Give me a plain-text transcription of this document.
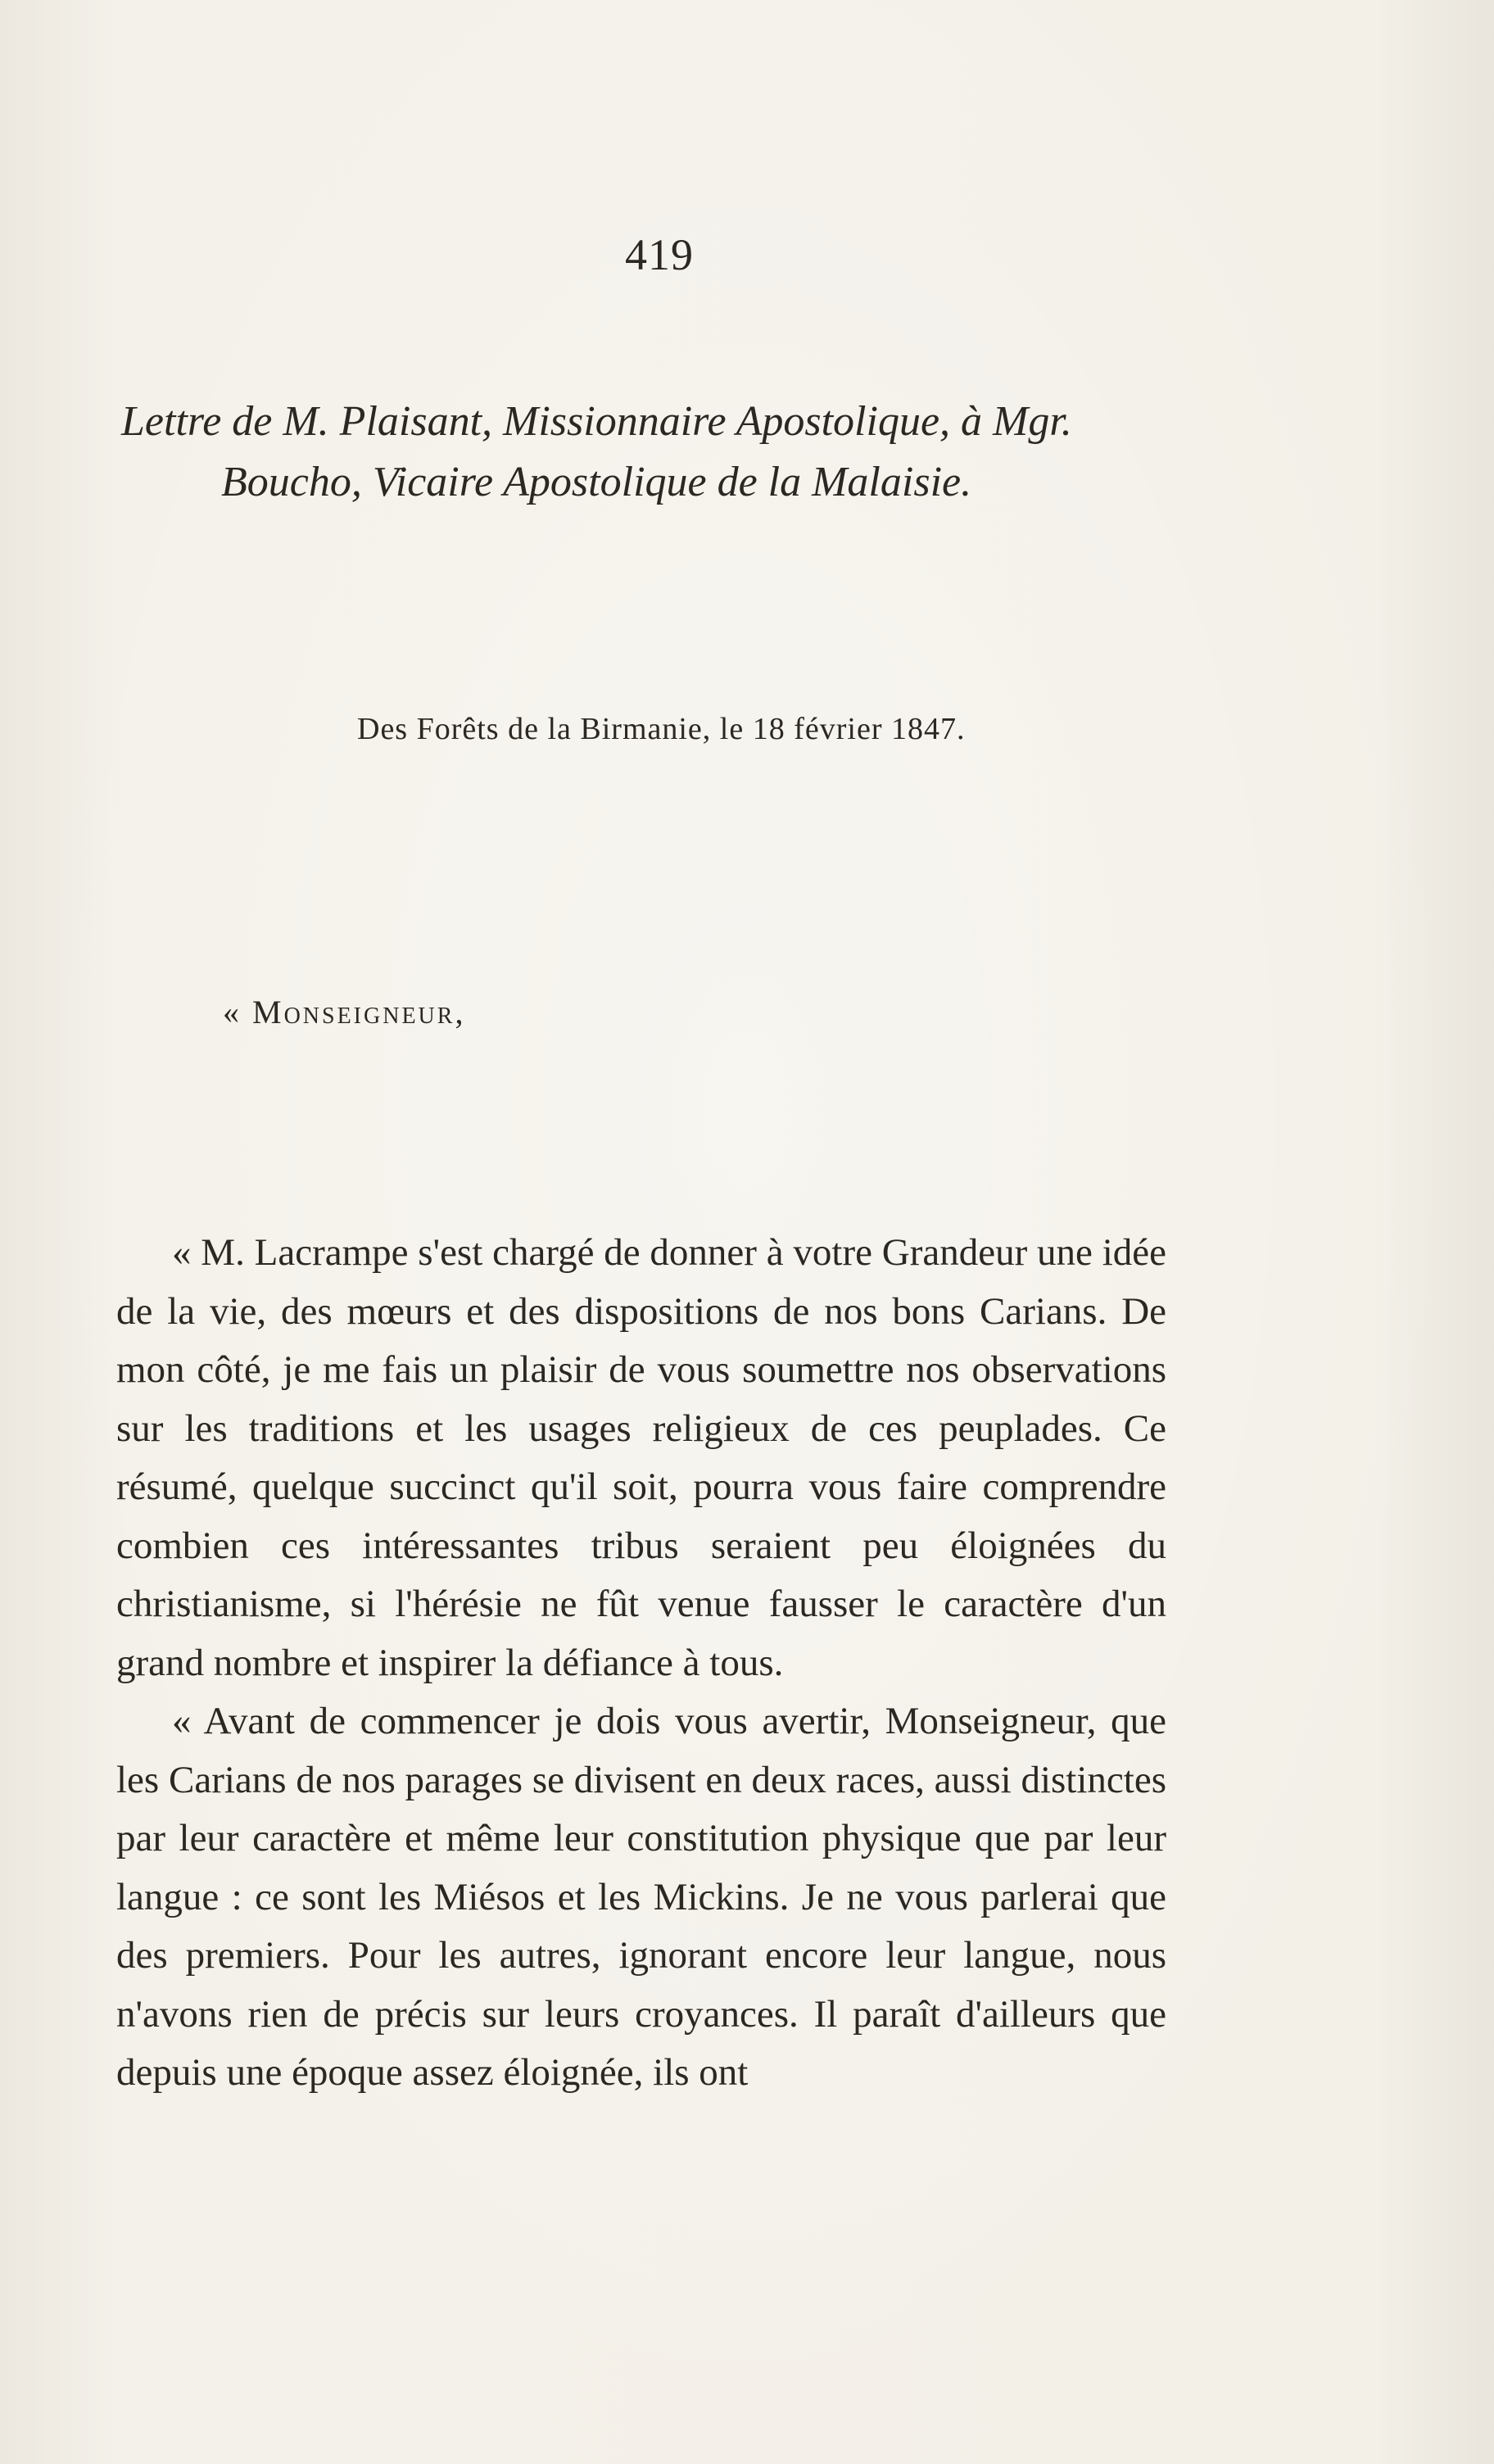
419
Lettre de M. Plaisant, Missionnaire Apostolique, à Mgr.
Boucho, Vicaire Apostolique de la Malaisie.
Des Forêts de la Birmanie, le 18 février 1847.
« Monseigneur,

« M. Lacrampe s'est chargé de donner à votre Grandeur une idée de la vie, des mœurs et des dispositions de nos bons Carians. De mon côté, je me fais un plaisir de vous soumettre nos observations sur les traditions et les usages religieux de ces peuplades. Ce résumé, quelque succinct qu'il soit, pourra vous faire comprendre combien ces intéressantes tribus seraient peu éloignées du christianisme, si l'hérésie ne fût venue fausser le caractère d'un grand nombre et inspirer la défiance à tous.

« Avant de commencer je dois vous avertir, Monseigneur, que les Carians de nos parages se divisent en deux races, aussi distinctes par leur caractère et même leur constitution physique que par leur langue : ce sont les Miésos et les Mickins. Je ne vous parlerai que des premiers. Pour les autres, ignorant encore leur langue, nous n'avons rien de précis sur leurs croyances. Il paraît d'ailleurs que depuis une époque assez éloignée, ils ont
